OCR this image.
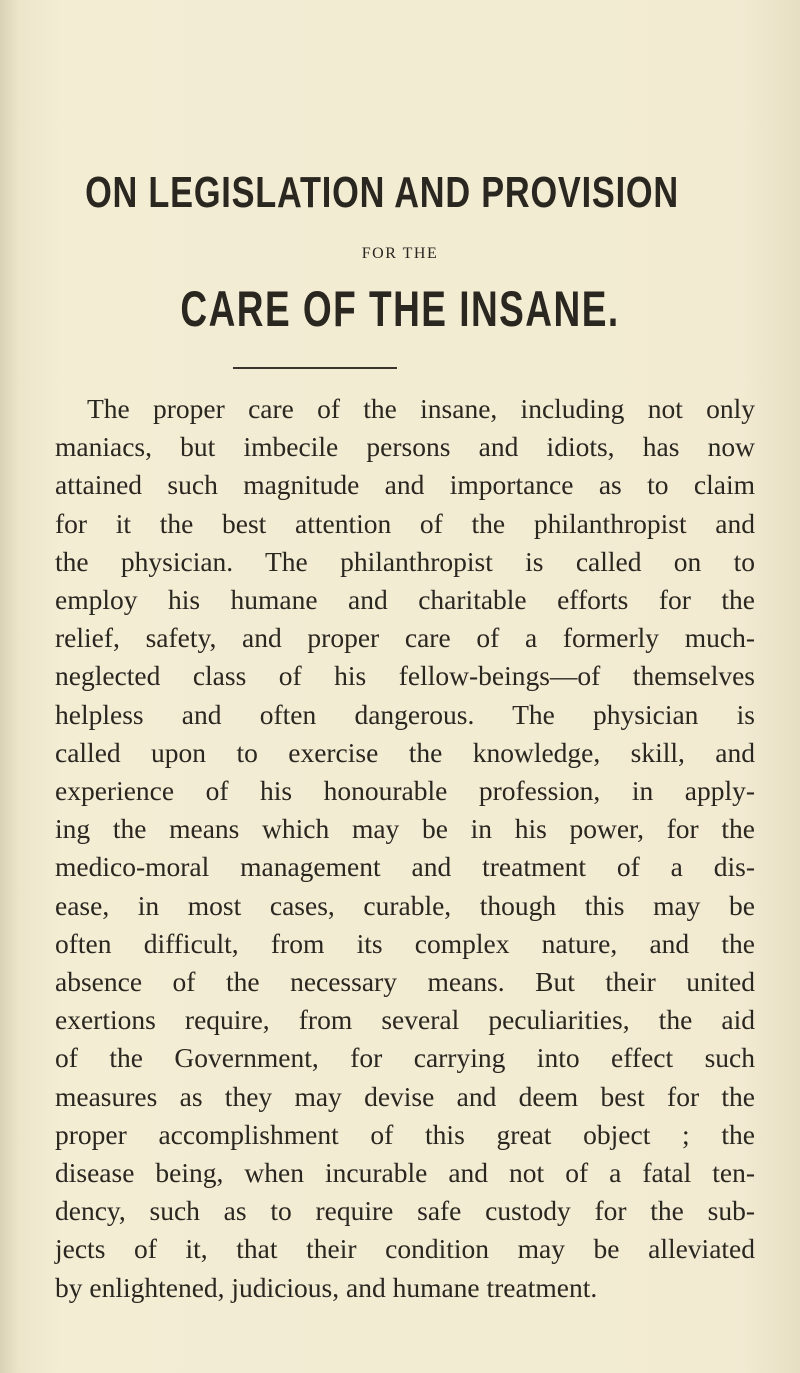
ON LEGISLATION AND PROVISION
FOR THE
CARE OF THE INSANE.

The proper care of the insane, including not only
maniacs, but imbecile persons and idiots, has now
attained such magnitude and importance as to claim
for it the best attention of the philanthropist and
the physician. The philanthropist is called on to
employ his humane and charitable efforts for the
relief, safety, and proper care of a formerly much-
neglected class of his fellow-beings—of themselves
helpless and often dangerous. The physician is
called upon to exercise the knowledge, skill, and
experience of his honourable profession, in apply-
ing the means which may be in his power, for the
medico-moral management and treatment of a dis-
ease, in most cases, curable, though this may be
often difficult, from its complex nature, and the
absence of the necessary means. But their united
exertions require, from several peculiarities, the aid
of the Government, for carrying into effect such
measures as they may devise and deem best for the
proper accomplishment of this great object ; the
disease being, when incurable and not of a fatal ten-
dency, such as to require safe custody for the sub-
jects of it, that their condition may be alleviated
by enlightened, judicious, and humane treatment.
